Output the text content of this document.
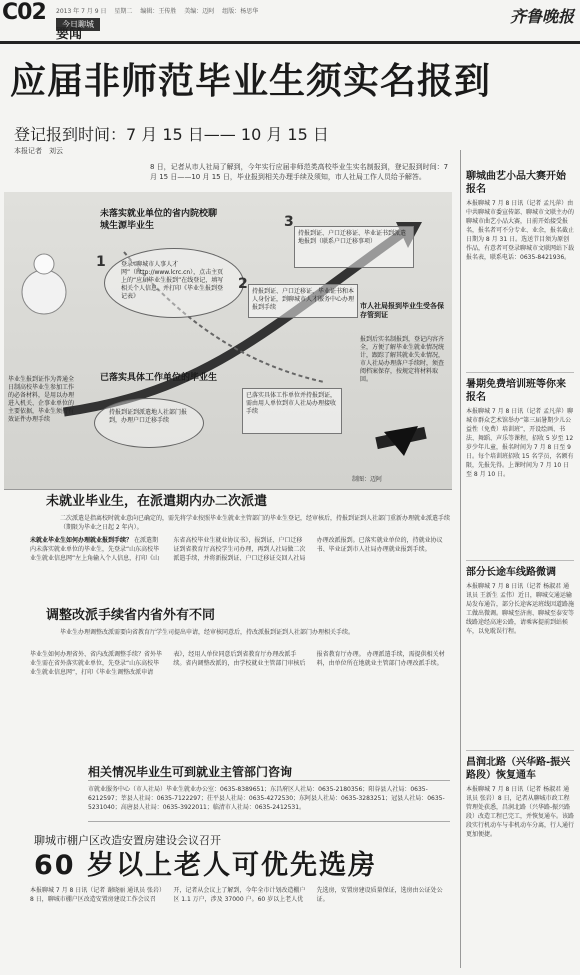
C02 2013 年 7 月 9 日 星期二 编辑：王传胜 美编：迈阿 组版：杨思华
今日聊城
要闻
齐鲁晚报
应届非师范毕业生须实名报到
登记报到时间：7 月 15 日—— 10 月 15 日
本报记者　刘云
8 日，记者从市人社局了解到，今年实行应届非师范类高校毕业生实名制报到，登记报到时间：7 月 15 日——10 月 15 日，毕业报到相关办理手续及须知，市人社局工作人员给予解答。
未落实就业单位的省内院校聊城生源毕业生
1	登录“聊城市人事人才网”（http://www.lcrc.cn），点击主页上的“应届毕业生报到”在线登记，填写相关个人信息，并打印《毕业生报到登记表》
2 持报到证、户口迁移证、毕业证书和本人身份证，到聊城市人才服务中心办理报到手续
3
持报到证、户口迁移证、毕业证书到派遣地报到（联系户口迁移事项）
毕业生报到证作为普通全日制高校毕业生参加工作的必备材料，是用以办理进入机关、企事业单位的主要依据，毕业生须持有效证件办理手续
已落实具体工作单位的毕业生
持报到证到派遣地人社部门报到，办理户口迁移手续
已落实具体工作单位并持报到证，需由用人单位到市人社局办理接收手续
市人社局报到毕业生受各保存管到证
报到后实名制报到，登记内容齐全，方便了解毕业生就业情况统计，跟踪了解其就业失业情况，市人社局办理落户手续时，须查阅档案保存，按规定将材料取回。
制图：迈阿
未就业毕业生，在派遣期内办二次派遣
二次派遣是指离校时就业意向已确定的，需先将学业按照毕业生就业主管部门的毕业生登记，经审核后，持报到证到人社部门重新办理就业派遣手续（期限为毕业之日起 2 年内）。
未就业毕业生如何办理就业报到手续？ 在派遣期内未落实就业单位的毕业生，先登录“山东高校毕业生就业信息网”左上角输入个人信息，打印《山东省高校毕业生就业协议书》，报到证、户口迁移证到省教育厅高校学生司办理，再到人社局做二次派遣手续，并将新报到证、户口迁移证交回人社局办理改派报到。已落实就业单位的，持就业协议书、毕业证到市人社局办理就业报到手续。
调整改派手续省内省外有不同
毕业生办理调整改派需要向省教育厅学生司提出申请，经审核同意后，持改派报到证到人社部门办理相关手续。
毕业生如何办理省外、省内改派调整手续？省外毕业生需在省外落实就业单位，先登录“山东高校毕业生就业信息网”，打印《毕业生调整改派申请表》，经用人单位同意后到省教育厅办理改派手续。省内调整改派的，由学校就业主管部门审核后报省教育厅办理。 办理派遣手续，需提供相关材料，由单位所在地就业主管部门办理改派手续。
相关情况毕业生可到就业主管部门咨询
市就业服务中心（市人社局）毕业生就业办公室：0635-8389651；东昌府区人社局：0635-2180356；阳谷县人社局：0635-6212597；莘县人社局：0635-7122297；茌平县人社局：0635-4272530；东阿县人社局：0635-3283251；冠县人社局：0635-5231040；高唐县人社局：0635-3922011；临清市人社局：0635-2412531。
聊城市棚户区改造安置房建设会议召开
60 岁以上老人可优先选房
本报聊城 7 月 8 日讯（记者 谢晓丽 通讯员 张岩）8 日，聊城市棚户区改造安置房建设工作会议召开，记者从会议上了解到，今年全市计划改造棚户区 1.1 万户，涉及 37000 户。60 岁以上老人优先选房，安置房建设质量保证，选房由公证处公证。
聊城曲艺小品大赛开始报名
本报聊城 7 月 8 日讯（记者 孟凡萍）由中共聊城市委宣传部、聊城市文联主办的聊城市曲艺小品大赛，日前开始接受报名，报名者可不分专业、业余，报名截止日期为 8 月 31 日。选送节目须为原创作品，有意者可登录聊城市文联网站下载报名表，联系电话：0635-8421936。
暑期免费培训班等你来报名
本报聊城 7 月 8 日讯（记者 孟凡萍）聊城市群众艺术馆举办“第三届暑期少儿公益性（免费）培训班”，开设绘画、书法、舞蹈、声乐等课程，招收 5 岁至 12 岁少年儿童，报名时间为 7 月 8 日至 9 日。每个培训班招收 15 名学员，名额有限，先报先得。上课时间为 7 月 10 日至 8 月 10 日。
部分长途车线路微调
本报聊城 7 月 8 日讯（记者 杨淑君 通讯员 王新生 孟伟）近日，聊城交通运输局发布通告，部分长途客运班线因道路施工做出微调。聊城至济南、聊城至泰安等线路途经高速公路，请乘客提前到站候车，以免耽误行程。
昌润北路（兴华路-振兴路段）恢复通车
本报聊城 7 月 8 日讯（记者 杨淑君 通讯员 张岩）8 日，记者从聊城市政工程管理处获悉，昌润北路（兴华路-振兴路段）改造工程已完工，并恢复通车。该路段实行机动车与非机动车分离，行人通行更加便捷。
